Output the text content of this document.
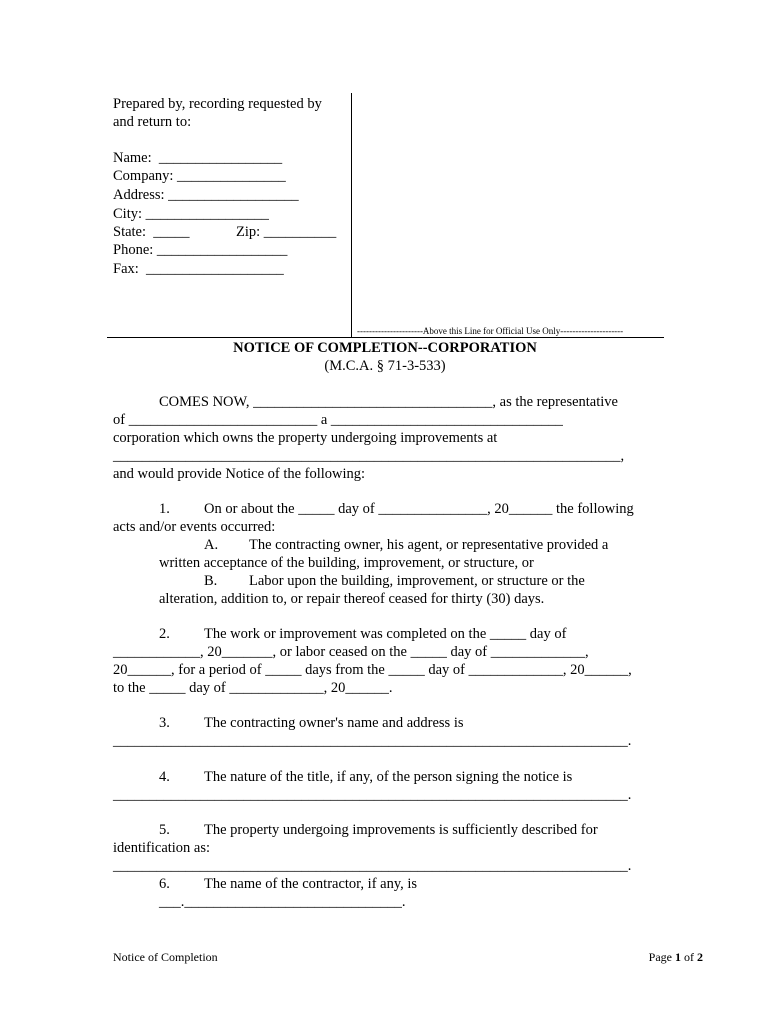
Prepared by, recording requested by
and return to:
Name:  _________________
Company: _______________
Address: __________________
City: _________________
State:  _____	Zip: __________
Phone: __________________
Fax:  ___________________
----------------------Above this Line for Official Use Only---------------------
NOTICE OF COMPLETION--CORPORATION
(M.C.A. § 71-3-533)
COMES NOW, _________________________________, as the representative
of __________________________ a ________________________________
corporation which owns the property undergoing improvements at
______________________________________________________________________,
and would provide Notice of the following:
1. On or about the _____ day of _______________, 20______ the following
acts and/or events occurred:
A. The contracting owner, his agent, or representative provided a
written acceptance of the building, improvement, or structure, or
B. Labor upon the building, improvement, or structure or the
alteration, addition to, or repair thereof ceased for thirty (30) days.
2. The work or improvement was completed on the _____ day of
____________, 20_______, or labor ceased on the _____ day of _____________,
20______, for a period of _____ days from the _____ day of _____________, 20______,
to the _____ day of _____________, 20______.
3. The contracting owner's name and address is
_______________________________________________________________________.
4. The nature of the title, if any, of the person signing the notice is
_______________________________________________________________________.
5. The property undergoing improvements is sufficiently described for
identification as:
_______________________________________________________________________.
6. The name of the contractor, if any, is
___.______________________________.
Notice of Completion	Page 1 of 2
